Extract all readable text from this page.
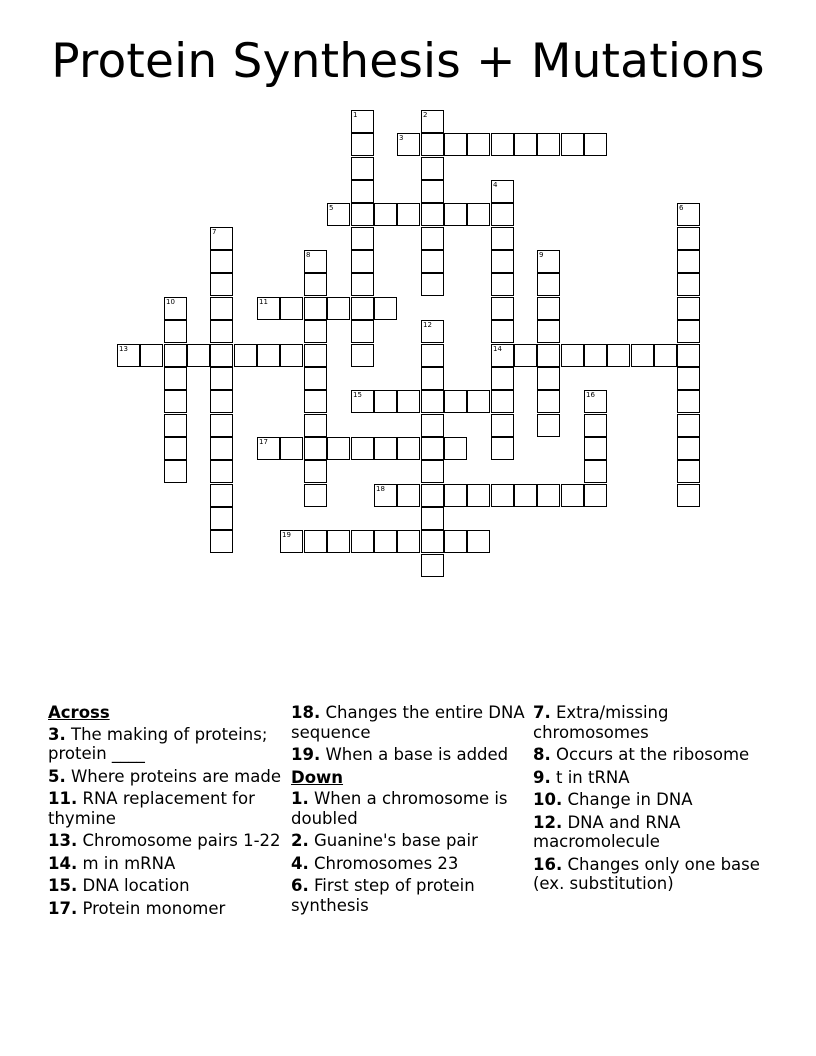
Protein Synthesis + Mutations
1	2
3
4
14
5	6
7
8	9
10	11
12
13
15	16
17
18
19
Across
3. The making of proteins; protein ____
5. Where proteins are made
11. RNA replacement for thymine
13. Chromosome pairs 1-22
14. m in mRNA
15. DNA location
17. Protein monomer
18. Changes the entire DNA sequence
19. When a base is added
Down
1. When a chromosome is doubled
2. Guanine's base pair
4. Chromosomes 23
6. First step of protein synthesis
7. Extra/missing chromosomes
8. Occurs at the ribosome
9. t in tRNA
10. Change in DNA
12. DNA and RNA macromolecule
16. Changes only one base (ex. substitution)
